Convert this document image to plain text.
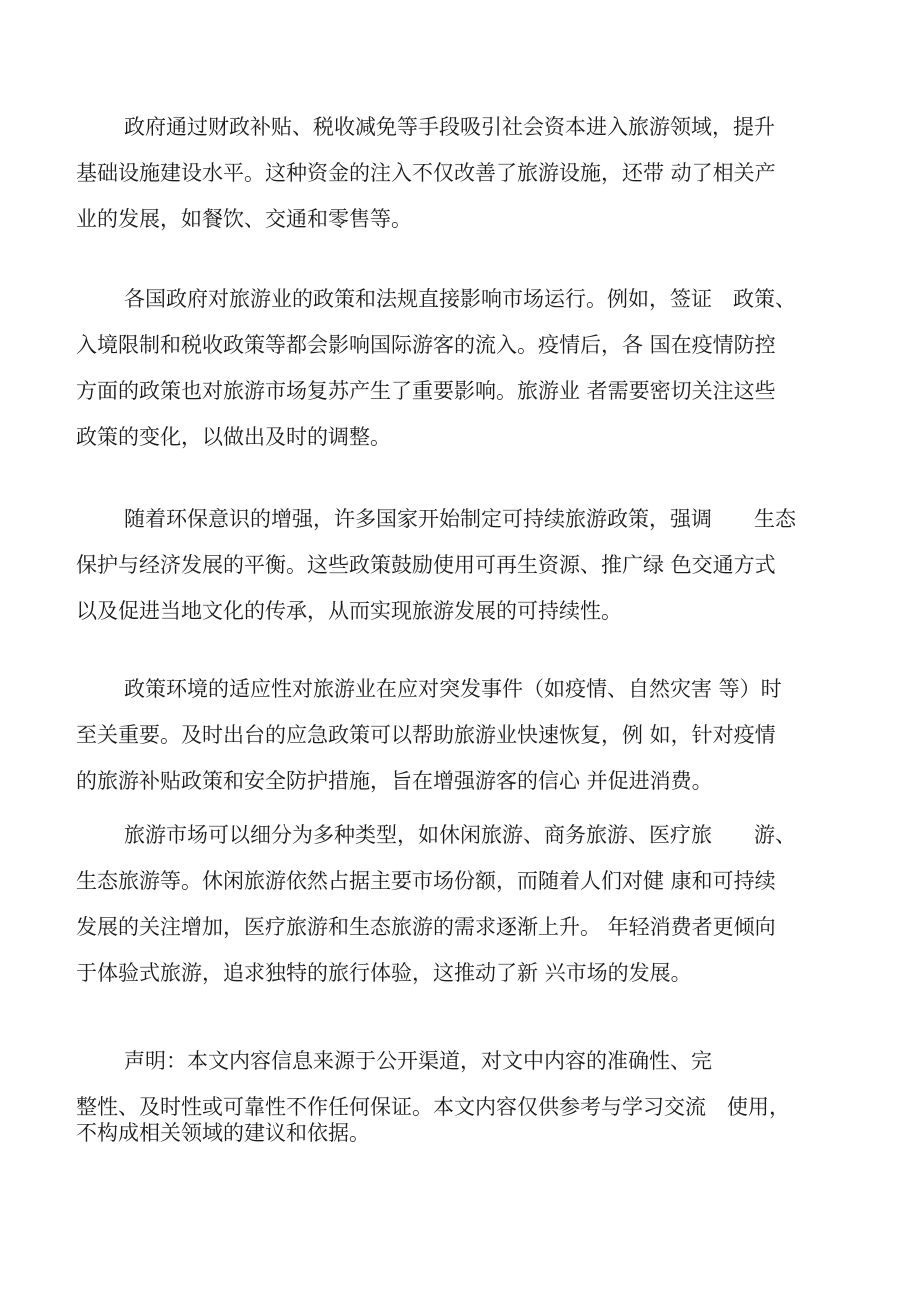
政府通过财政补贴、税收减免等手段吸引社会资本进入旅游领域，提升
基础设施建设水平。这种资金的注入不仅改善了旅游设施，还带 动了相关产
业的发展，如餐饮、交通和零售等。
各国政府对旅游业的政策和法规直接影响市场运行。例如，签证　政策、
入境限制和税收政策等都会影响国际游客的流入。疫情后，各 国在疫情防控
方面的政策也对旅游市场复苏产生了重要影响。旅游业 者需要密切关注这些
政策的变化，以做出及时的调整。
随着环保意识的增强，许多国家开始制定可持续旅游政策，强调　　生态
保护与经济发展的平衡。这些政策鼓励使用可再生资源、推广绿 色交通方式
以及促进当地文化的传承，从而实现旅游发展的可持续性。
政策环境的适应性对旅游业在应对突发事件（如疫情、自然灾害 等）时
至关重要。及时出台的应急政策可以帮助旅游业快速恢复，例 如，针对疫情
的旅游补贴政策和安全防护措施，旨在增强游客的信心 并促进消费。
旅游市场可以细分为多种类型，如休闲旅游、商务旅游、医疗旅　　游、
生态旅游等。休闲旅游依然占据主要市场份额，而随着人们对健 康和可持续
发展的关注增加，医疗旅游和生态旅游的需求逐渐上升。 年轻消费者更倾向
于体验式旅游，追求独特的旅行体验，这推动了新 兴市场的发展。
声明：本文内容信息来源于公开渠道，对文中内容的准确性、完
整性、及时性或可靠性不作任何保证。本文内容仅供参考与学习交流　使用，
不构成相关领域的建议和依据。
